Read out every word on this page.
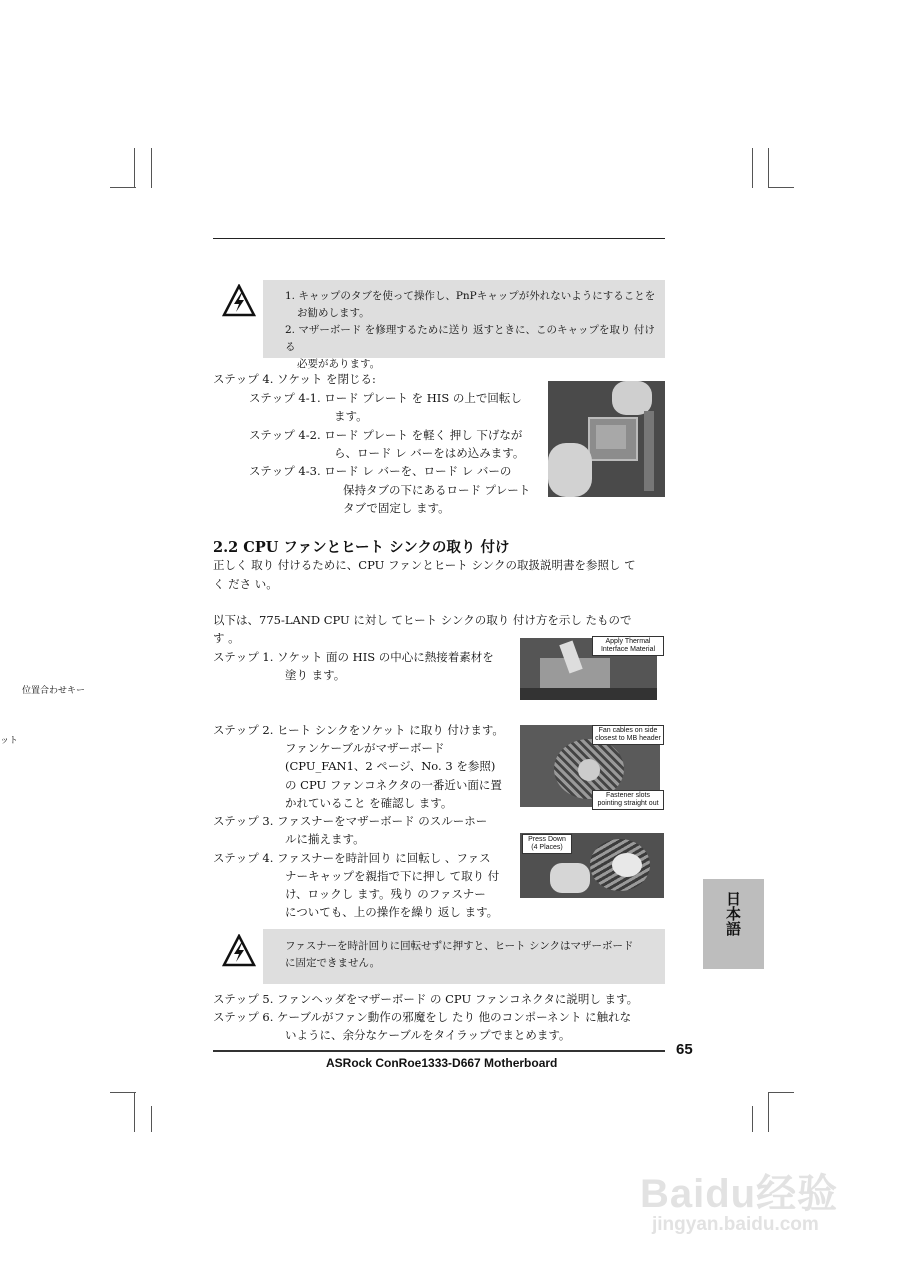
1. キャップのタブを使って操作し、PnPキャップが外れないようにすることを

お勧めします。

2. マザーボード を修理するために送り 返すときに、このキャップを取り 付ける

必要があります。

ステップ 4. ソケット を閉じる:
ステップ 4-1. ロード プレート を HIS の上で回転し
ます。
ステップ 4-2. ロード プレート を軽く 押し 下げなが
ら、ロード レ バーをはめ込みます。
ステップ 4-3. ロード レ バーを、ロード レ バーの
保持タブの下にあるロード プレート
タブで固定し ます。
2.2 CPU ファンとヒート シンクの取り 付け
正しく 取り 付けるために、CPU ファンとヒート シンクの取扱説明書を参照し て
く ださ い。
以下は、775-LAND CPU に対し てヒート シンクの取り 付け方を示し たもので
す 。
ステップ 1. ソケット 面の HIS の中心に熱接着素材を
塗り ます。
Apply Thermal Interface Material
ステップ 2. ヒート シンクをソケット に取り 付けます。
ファンケーブルがマザーボード
(CPU_FAN1、2 ページ、No. 3 を参照)
の CPU ファンコネクタの一番近い面に置
かれていること を確認し ます。
Fan cables on side closest to MB header
Fastener slots pointing straight out
ステップ 3. ファスナーをマザーボード のスルーホー
ルに揃えます。
ステップ 4. ファスナーを時計回り に回転し 、ファス
ナーキャップを親指で下に押し て取り 付
け、ロックし ます。残り のファスナー
についても、上の操作を繰り 返し ます。
Press Down (4 Places)

ファスナーを時計回りに回転せずに押すと、ヒート シンクはマザーボード

に固定できません。

日本語
ステップ 5. ファンヘッダをマザーボード の CPU ファンコネクタに説明し ます。
ステップ 6. ケーブルがファン動作の邪魔をし たり 他のコンポーネント に触れな
いように、余分なケーブルをタイラップでまとめます。
ASRock ConRoe1333-D667 Motherboard
65
位置合わせキー
ット
Baidu经验
jingyan.baidu.com
